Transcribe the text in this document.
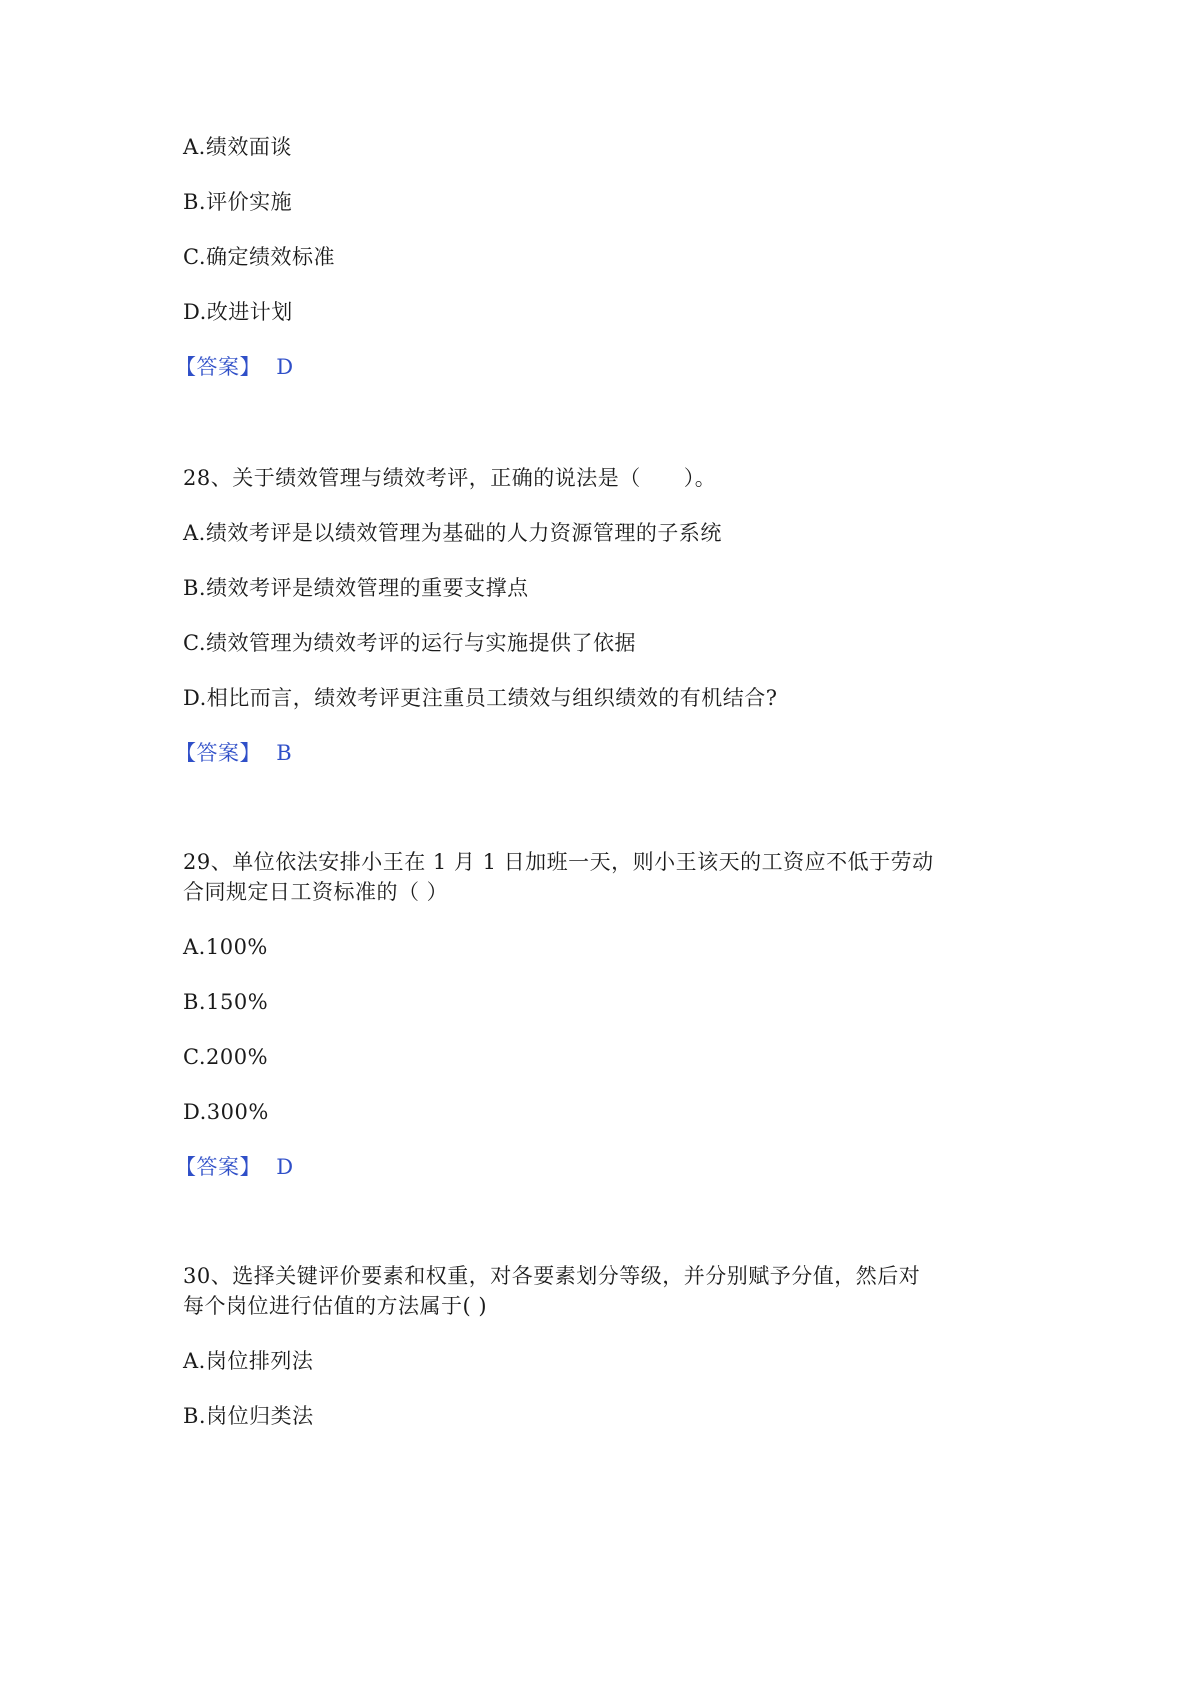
A.绩效面谈
B.评价实施
C.确定绩效标准
D.改进计划
【答案】 D
28、关于绩效管理与绩效考评，正确的说法是（　　）。
A.绩效考评是以绩效管理为基础的人力资源管理的子系统
B.绩效考评是绩效管理的重要支撑点
C.绩效管理为绩效考评的运行与实施提供了依据
D.相比而言，绩效考评更注重员工绩效与组织绩效的有机结合?
【答案】 B
29、单位依法安排小王在 1 月 1 日加班一天，则小王该天的工资应不低于劳动
合同规定日工资标准的（ ）
A.100%
B.150%
C.200%
D.300%
【答案】 D
30、选择关键评价要素和权重，对各要素划分等级，并分别赋予分值，然后对
每个岗位进行估值的方法属于( )
A.岗位排列法
B.岗位归类法
